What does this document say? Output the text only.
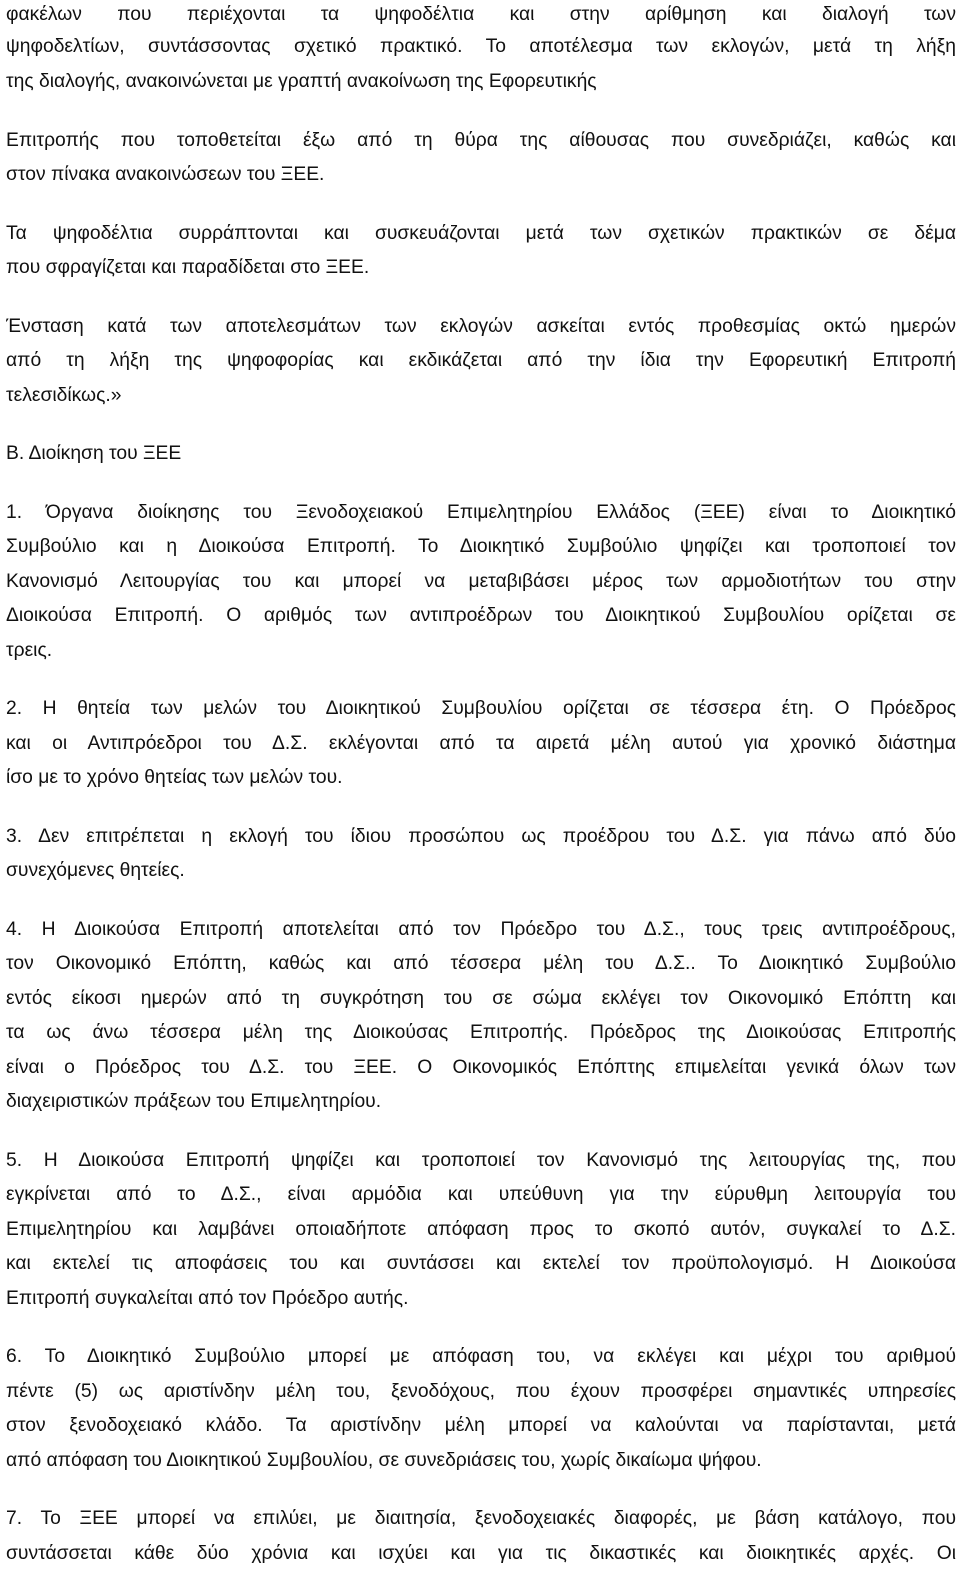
φακέλων που περιέχονται τα ψηφοδέλτια και στην αρίθμηση και διαλογή των
ψηφοδελτίων, συντάσσοντας σχετικό πρακτικό. Το αποτέλεσμα των εκλογών, μετά τη λήξη
της διαλογής, ανακοινώνεται με γραπτή ανακοίνωση της Εφορευτικής
Επιτροπής που τοποθετείται έξω από τη θύρα της αίθουσας που συνεδριάζει, καθώς και
στον πίνακα ανακοινώσεων του ΞΕΕ.
Τα ψηφοδέλτια συρράπτονται και συσκευάζονται μετά των σχετικών πρακτικών σε δέμα
που σφραγίζεται και παραδίδεται στο ΞΕΕ.
Ένσταση κατά των αποτελεσμάτων των εκλογών ασκείται εντός προθεσμίας οκτώ ημερών
από τη λήξη της ψηφοφορίας και εκδικάζεται από την ίδια την Εφορευτική Επιτροπή
τελεσιδίκως.»
Β. Διοίκηση του ΞΕΕ
1. Όργανα διοίκησης του Ξενοδοχειακού Επιμελητηρίου Ελλάδος (ΞΕΕ) είναι το Διοικητικό
Συμβούλιο και η Διοικούσα Επιτροπή. Το Διοικητικό Συμβούλιο ψηφίζει και τροποποιεί τον
Κανονισμό Λειτουργίας του και μπορεί να μεταβιβάσει μέρος των αρμοδιοτήτων του στην
Διοικούσα Επιτροπή. Ο αριθμός των αντιπροέδρων του Διοικητικού Συμβουλίου ορίζεται σε
τρεις.
2. Η θητεία των μελών του Διοικητικού Συμβουλίου ορίζεται σε τέσσερα έτη. Ο Πρόεδρος
και οι Αντιπρόεδροι του Δ.Σ. εκλέγονται από τα αιρετά μέλη αυτού για χρονικό διάστημα
ίσο με το χρόνο θητείας των μελών του.
3. Δεν επιτρέπεται η εκλογή του ίδιου προσώπου ως προέδρου του Δ.Σ. για πάνω από δύο
συνεχόμενες θητείες.
4. Η Διοικούσα Επιτροπή αποτελείται από τον Πρόεδρο του Δ.Σ., τους τρεις αντιπροέδρους,
τον Οικονομικό Επόπτη, καθώς και από τέσσερα μέλη του Δ.Σ.. Το Διοικητικό Συμβούλιο
εντός είκοσι ημερών από τη συγκρότηση του σε σώμα εκλέγει τον Οικονομικό Επόπτη και
τα ως άνω τέσσερα μέλη της Διοικούσας Επιτροπής. Πρόεδρος της Διοικούσας Επιτροπής
είναι ο Πρόεδρος του Δ.Σ. του ΞΕΕ. Ο Οικονομικός Επόπτης επιμελείται γενικά όλων των
διαχειριστικών πράξεων του Επιμελητηρίου.
5. Η Διοικούσα Επιτροπή ψηφίζει και τροποποιεί τον Κανονισμό της λειτουργίας της, που
εγκρίνεται από το Δ.Σ., είναι αρμόδια και υπεύθυνη για την εύρυθμη λειτουργία του
Επιμελητηρίου και λαμβάνει οποιαδήποτε απόφαση προς το σκοπό αυτόν, συγκαλεί το Δ.Σ.
και εκτελεί τις αποφάσεις του και συντάσσει και εκτελεί τον προϋπολογισμό. Η Διοικούσα
Επιτροπή συγκαλείται από τον Πρόεδρο αυτής.
6. Το Διοικητικό Συμβούλιο μπορεί με απόφαση του, να εκλέγει και μέχρι του αριθμού
πέντε (5) ως αριστίνδην μέλη του, ξενοδόχους, που έχουν προσφέρει σημαντικές υπηρεσίες
στον ξενοδοχειακό κλάδο. Τα αριστίνδην μέλη μπορεί να καλούνται να παρίστανται, μετά
από απόφαση του Διοικητικού Συμβουλίου, σε συνεδριάσεις του, χωρίς δικαίωμα ψήφου.
7. Το ΞΕΕ μπορεί να επιλύει, με διαιτησία, ξενοδοχειακές διαφορές, με βάση κατάλογο, που
συντάσσεται κάθε δύο χρόνια και ισχύει και για τις δικαστικές και διοικητικές αρχές. Οι
